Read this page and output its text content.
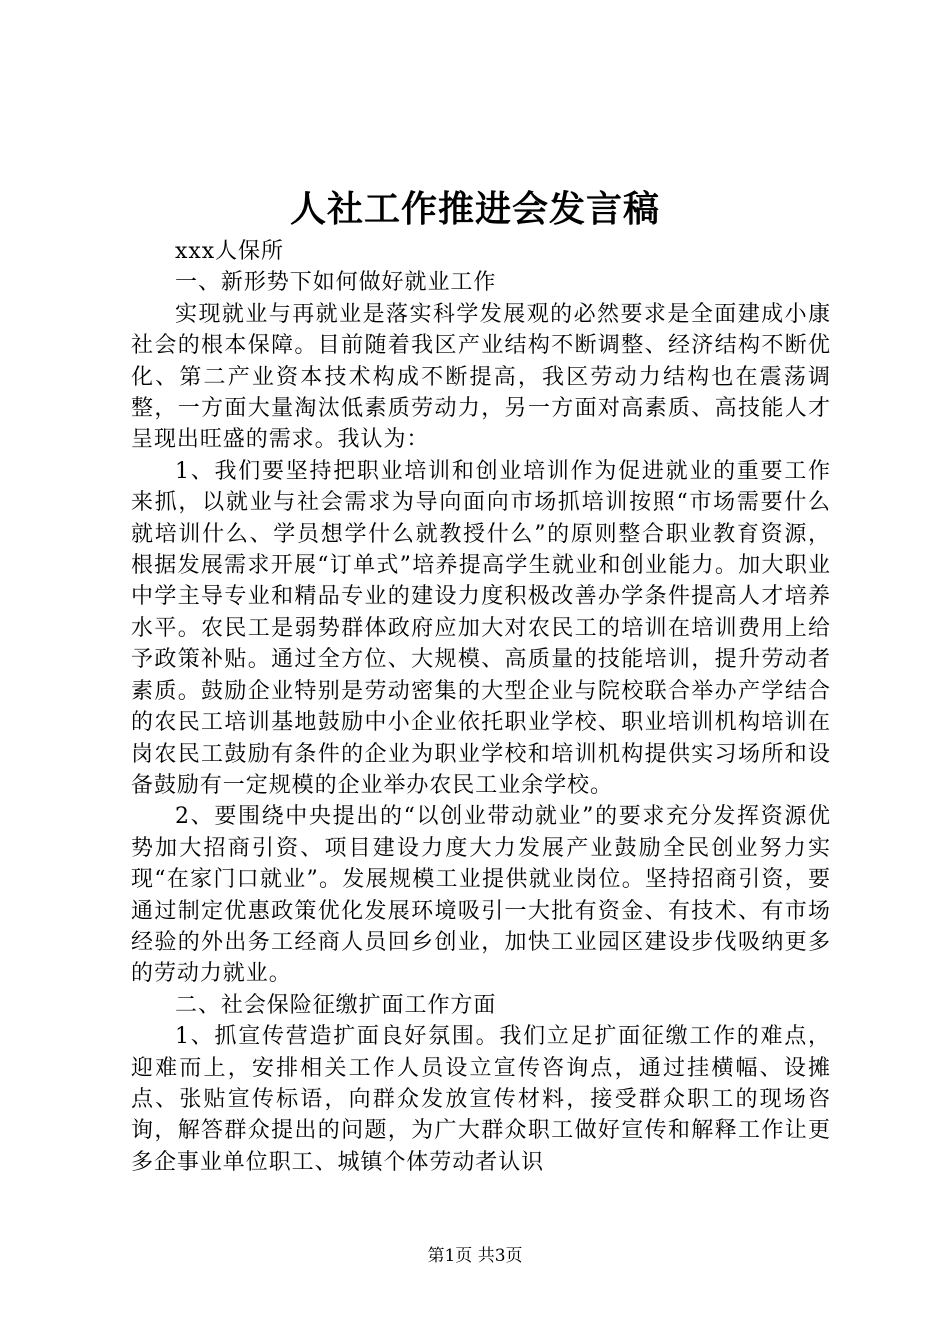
人社工作推进会发言稿

xxx人保所

一、新形势下如何做好就业工作

实现就业与再就业是落实科学发展观的必然要求是全面建成小康社会的根本保障。目前随着我区产业结构不断调整、经济结构不断优化、第二产业资本技术构成不断提高，我区劳动力结构也在震荡调整，一方面大量淘汰低素质劳动力，另一方面对高素质、高技能人才呈现出旺盛的需求。我认为：

1、我们要坚持把职业培训和创业培训作为促进就业的重要工作来抓，以就业与社会需求为导向面向市场抓培训按照“市场需要什么就培训什么、学员想学什么就教授什么”的原则整合职业教育资源，根据发展需求开展“订单式”培养提高学生就业和创业能力。加大职业中学主导专业和精品专业的建设力度积极改善办学条件提高人才培养水平。农民工是弱势群体政府应加大对农民工的培训在培训费用上给予政策补贴。通过全方位、大规模、高质量的技能培训，提升劳动者素质。鼓励企业特别是劳动密集的大型企业与院校联合举办产学结合的农民工培训基地鼓励中小企业依托职业学校、职业培训机构培训在岗农民工鼓励有条件的企业为职业学校和培训机构提供实习场所和设备鼓励有一定规模的企业举办农民工业余学校。

2、要围绕中央提出的“以创业带动就业”的要求充分发挥资源优势加大招商引资、项目建设力度大力发展产业鼓励全民创业努力实现“在家门口就业”。发展规模工业提供就业岗位。坚持招商引资，要通过制定优惠政策优化发展环境吸引一大批有资金、有技术、有市场经验的外出务工经商人员回乡创业，加快工业园区建设步伐吸纳更多的劳动力就业。

二、社会保险征缴扩面工作方面

1、抓宣传营造扩面良好氛围。我们立足扩面征缴工作的难点，迎难而上，安排相关工作人员设立宣传咨询点，通过挂横幅、设摊点、张贴宣传标语，向群众发放宣传材料，接受群众职工的现场咨询，解答群众提出的问题，为广大群众职工做好宣传和解释工作让更多企事业单位职工、城镇个体劳动者认识

第1页 共3页
